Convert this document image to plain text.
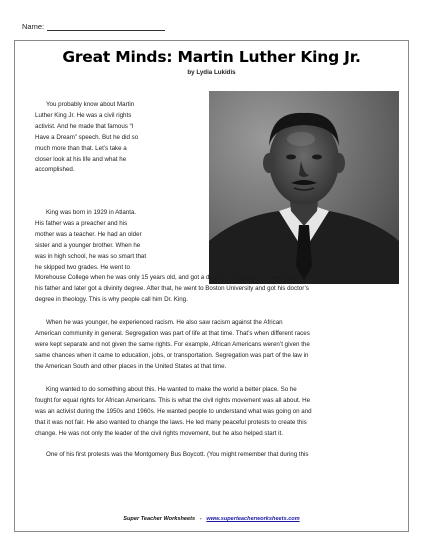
Name:
Great Minds: Martin Luther King Jr.
by Lydia Lukidis
You probably know about Martin
Luther King Jr. He was a civil rights
activist. And he made that famous “I
Have a Dream” speech. But he did so
much more than that. Let’s take a
closer look at his life and what he
accomplished.
King was born in 1929 in Atlanta.
His father was a preacher and his
mother was a teacher. He had an older
sister and a younger brother. When he
was in high school, he was so smart that
he skipped two grades. He went to
Morehouse College when he was only 15 years old, and got a degree in sociology. He was inspired by
his father and later got a divinity degree. After that, he went to Boston University and got his doctor’s
degree in theology. This is why people call him Dr. King.
When he was younger, he experienced racism. He also saw racism against the African
American community in general. Segregation was part of life at that time. That’s when different races
were kept separate and not given the same rights. For example, African Americans weren’t given the
same chances when it came to education, jobs, or transportation. Segregation was part of the law in
the American South and other places in the United States at that time.
King wanted to do something about this. He wanted to make the world a better place. So he
fought for equal rights for African Americans. This is what the civil rights movement was all about. He
was an activist during the 1950s and 1960s. He wanted people to understand what was going on and
that it was not fair. He also wanted to change the laws. He led many peaceful protests to create this
change. He was not only the leader of the civil rights movement, but he also helped start it.
One of his first protests was the Montgomery Bus Boycott. (You might remember that during this
Super Teacher Worksheets - www.superteacherworksheets.com
